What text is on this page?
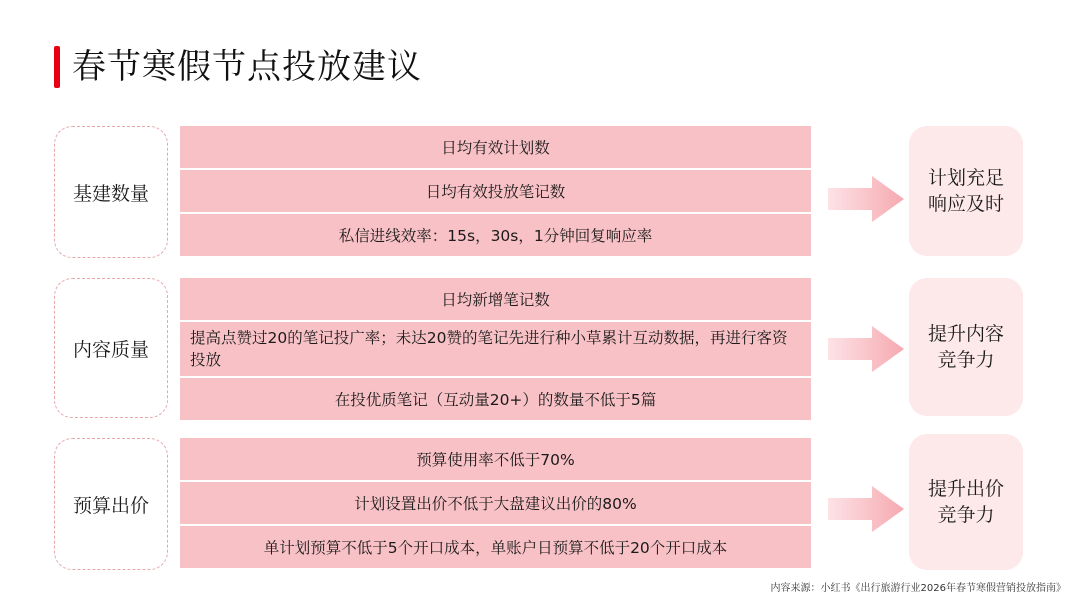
春节寒假节点投放建议
基建数量
日均有效计划数
日均有效投放笔记数
私信进线效率：15s，30s，1分钟回复响应率
计划充足
响应及时
内容质量
日均新增笔记数
提高点赞过20的笔记投广率；未达20赞的笔记先进行种小草累计互动数据，再进行客资投放
在投优质笔记（互动量20+）的数量不低于5篇
提升内容
竞争力
预算出价
预算使用率不低于70%
计划设置出价不低于大盘建议出价的80%
单计划预算不低于5个开口成本，单账户日预算不低于20个开口成本
提升出价
竞争力
内容来源：小红书《出行旅游行业2026年春节寒假营销投放指南》
